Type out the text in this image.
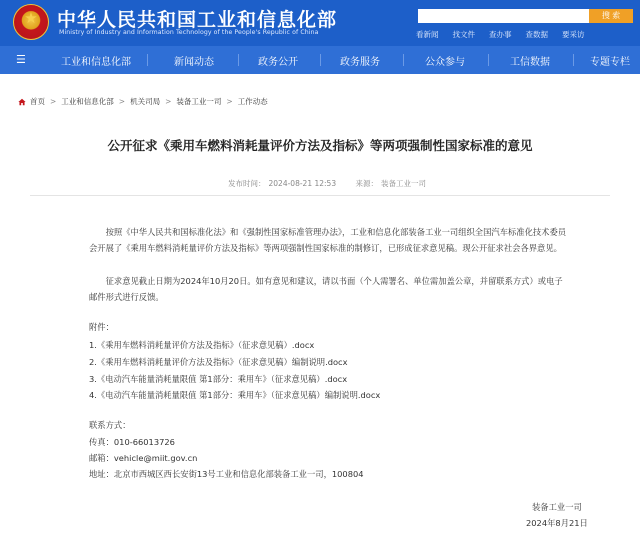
★	中华人民共和国工业和信息化部
Ministry of Industry and Information Technology of the People's Republic of China
搜 索
看新闻 找文件 查办事 查数据 要采访
☰	工业和信息化部	新闻动态	政务公开	政务服务	公众参与	工信数据	专题专栏
首页 > 工业和信息化部 > 机关司局 > 装备工业一司 > 工作动态
公开征求《乘用车燃料消耗量评价方法及指标》等两项强制性国家标准的意见
发布时间： 2024-08-21 12:53	来源： 装备工业一司
按照《中华人民共和国标准化法》和《强制性国家标准管理办法》，工业和信息化部装备工业一司组织全国汽车标准化技术委员会开展了《乘用车燃料消耗量评价方法及指标》等两项强制性国家标准的制修订，已形成征求意见稿。现公开征求社会各界意见。
征求意见截止日期为2024年10月20日。如有意见和建议，请以书面（个人需署名、单位需加盖公章，并留联系方式）或电子邮件形式进行反馈。
附件：
1.《乘用车燃料消耗量评价方法及指标》（征求意见稿）.docx
2.《乘用车燃料消耗量评价方法及指标》（征求意见稿）编制说明.docx
3.《电动汽车能量消耗量限值 第1部分：乘用车》（征求意见稿）.docx
4.《电动汽车能量消耗量限值 第1部分：乘用车》（征求意见稿）编制说明.docx
联系方式：
传真：010-66013726
邮箱：vehicle@miit.gov.cn
地址：北京市西城区西长安街13号工业和信息化部装备工业一司，100804
装备工业一司
2024年8月21日
